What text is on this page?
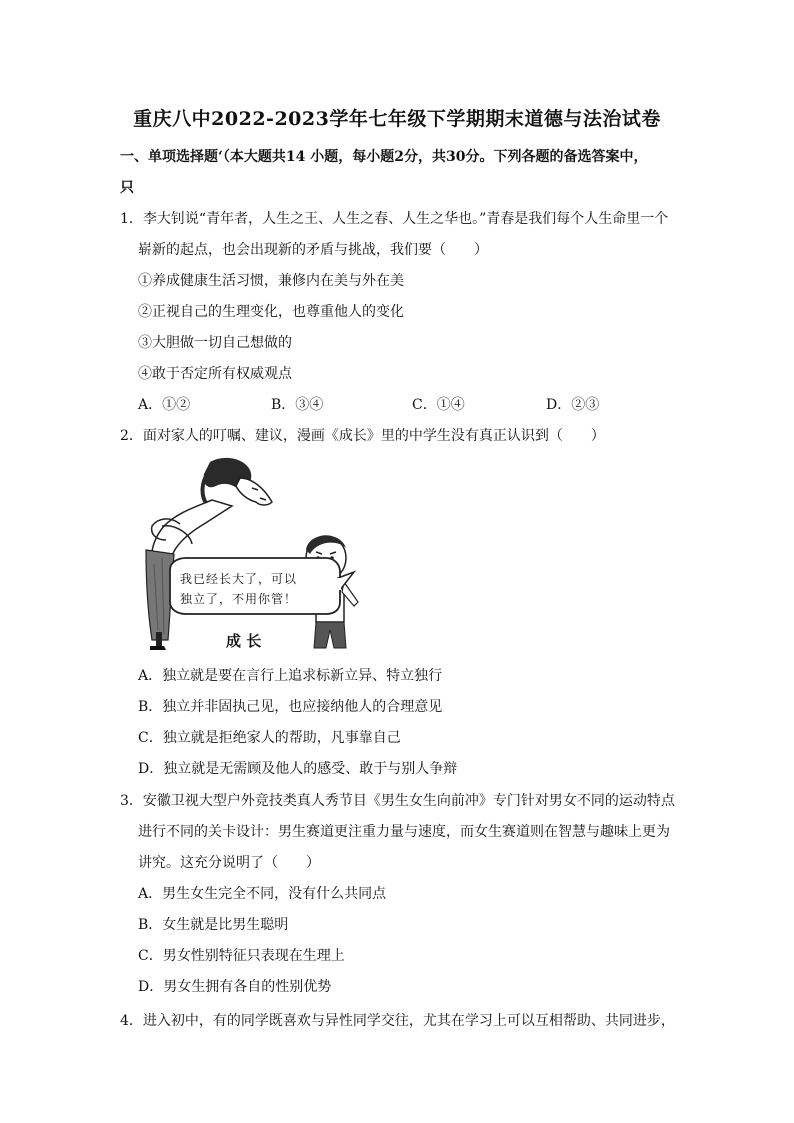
重庆八中2022-2023学年七年级下学期期末道德与法治试卷
一、单项选择题‘（本大题共14 小题，每小题2分，共30分。下列各题的备选答案中，
只
1．李大钊说“青年者，人生之王、人生之春、人生之华也。”青春是我们每个人生命里一个
崭新的起点，也会出现新的矛盾与挑战，我们要（　　）
①养成健康生活习惯，兼修内在美与外在美
②正视自己的生理变化，也尊重他人的变化
③大胆做一切自己想做的
④敢于否定所有权威观点
A．①②	B．③④	C．①④	D．②③
2．面对家人的叮嘱、建议，漫画《成长》里的中学生没有真正认识到（　　）
我已经长大了，可以
独立了，不用你管！
成 长
A．独立就是要在言行上追求标新立异、特立独行
B．独立并非固执己见，也应接纳他人的合理意见
C．独立就是拒绝家人的帮助，凡事靠自己
D．独立就是无需顾及他人的感受、敢于与别人争辩
3．安徽卫视大型户外竞技类真人秀节目《男生女生向前冲》专门针对男女不同的运动特点
进行不同的关卡设计：男生赛道更注重力量与速度，而女生赛道则在智慧与趣味上更为
讲究。这充分说明了（　　）
A．男生女生完全不同，没有什么共同点
B．女生就是比男生聪明
C．男女性别特征只表现在生理上
D．男女生拥有各自的性别优势
4．进入初中，有的同学既喜欢与异性同学交往，尤其在学习上可以互相帮助、共同进步，
